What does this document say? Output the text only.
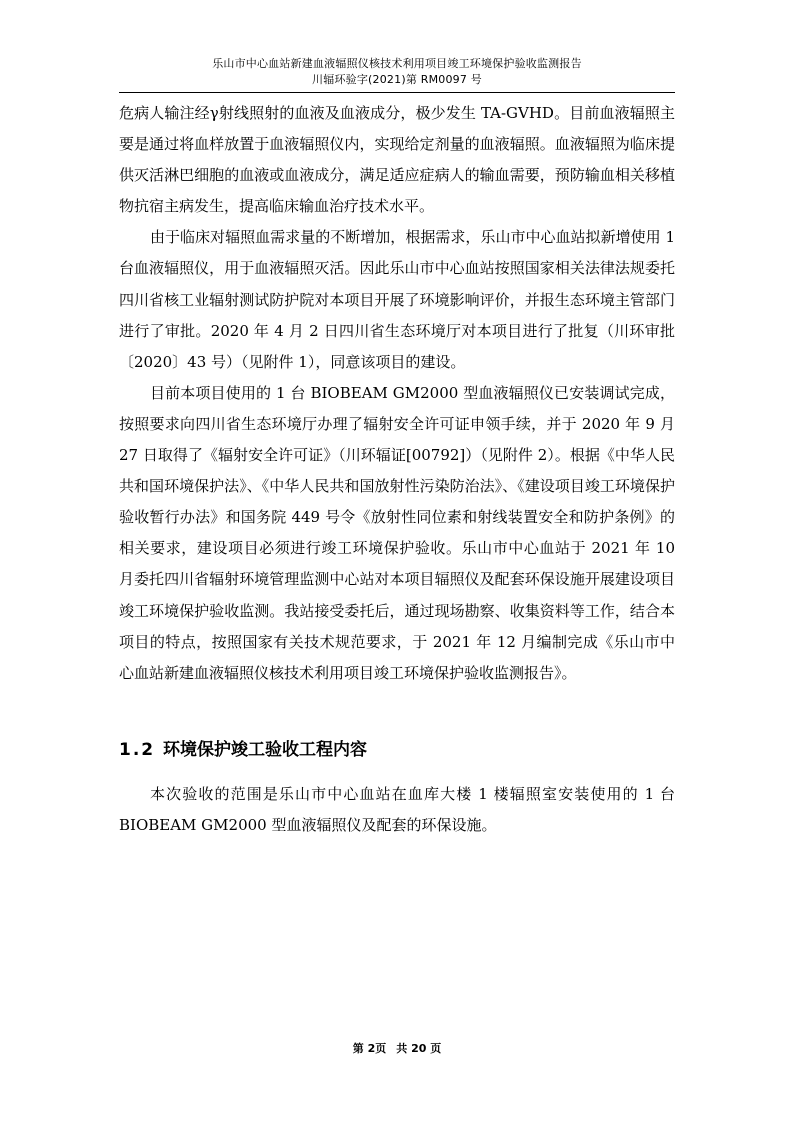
乐山市中心血站新建血液辐照仪核技术利用项目竣工环境保护验收监测报告
川辐环验字(2021)第 RM0097 号

危病人输注经γ射线照射的血液及血液成分，极少发生 TA-GVHD。目前血液辐照主要是通过将血样放置于血液辐照仪内，实现给定剂量的血液辐照。血液辐照为临床提供灭活淋巴细胞的血液或血液成分，满足适应症病人的输血需要，预防输血相关移植物抗宿主病发生，提高临床输血治疗技术水平。

由于临床对辐照血需求量的不断增加，根据需求，乐山市中心血站拟新增使用 1 台血液辐照仪，用于血液辐照灭活。因此乐山市中心血站按照国家相关法律法规委托四川省核工业辐射测试防护院对本项目开展了环境影响评价，并报生态环境主管部门进行了审批。2020 年 4 月 2 日四川省生态环境厅对本项目进行了批复（川环审批〔2020〕43 号）（见附件 1），同意该项目的建设。

目前本项目使用的 1 台 BIOBEAM GM2000 型血液辐照仪已安装调试完成，按照要求向四川省生态环境厅办理了辐射安全许可证申领手续，并于 2020 年 9 月 27 日取得了《辐射安全许可证》（川环辐证[00792]）（见附件 2）。根据《中华人民共和国环境保护法》、《中华人民共和国放射性污染防治法》、《建设项目竣工环境保护验收暂行办法》和国务院 449 号令《放射性同位素和射线装置安全和防护条例》的相关要求，建设项目必须进行竣工环境保护验收。乐山市中心血站于 2021 年 10 月委托四川省辐射环境管理监测中心站对本项目辐照仪及配套环保设施开展建设项目竣工环境保护验收监测。我站接受委托后，通过现场勘察、收集资料等工作，结合本项目的特点，按照国家有关技术规范要求，于 2021 年 12 月编制完成《乐山市中心血站新建血液辐照仪核技术利用项目竣工环境保护验收监测报告》。

1.2 环境保护竣工验收工程内容

本次验收的范围是乐山市中心血站在血库大楼 1 楼辐照室安装使用的 1 台 BIOBEAM GM2000 型血液辐照仪及配套的环保设施。

第 2页 共 20 页
